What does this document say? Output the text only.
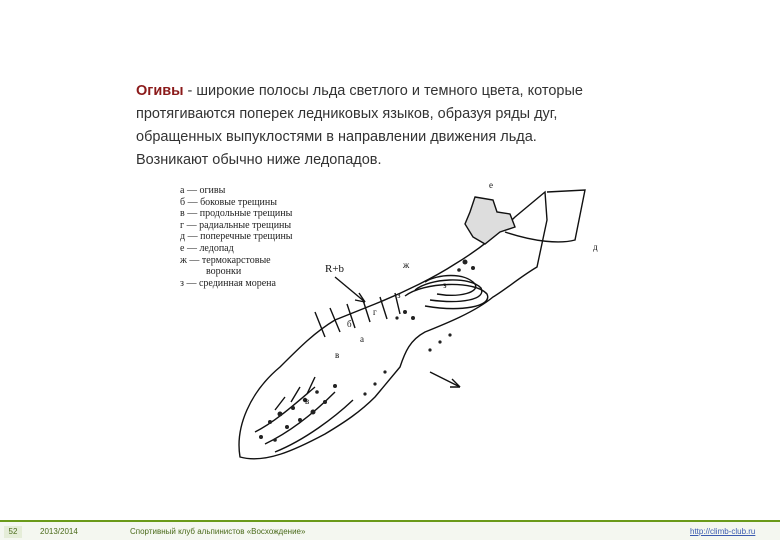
Огивы - широкие полосы льда светлого и темного цвета, которые
протягиваются поперек ледниковых языков, образуя ряды дуг,
обращенных выпуклостями в направлении движения льда.
Возникают обычно ниже ледопадов.
е
д
ж
з
з
г
б
а
в
в
R+b
а — огивы
б — боковые трещины
в — продольные трещины
г — радиальные трещины
д — поперечные трещины
е — ледопад
ж — термокарстовые
воронки
з — срединная морена
52	2013/2014	Спортивный клуб альпинистов «Восхождение»	http://climb-club.ru
